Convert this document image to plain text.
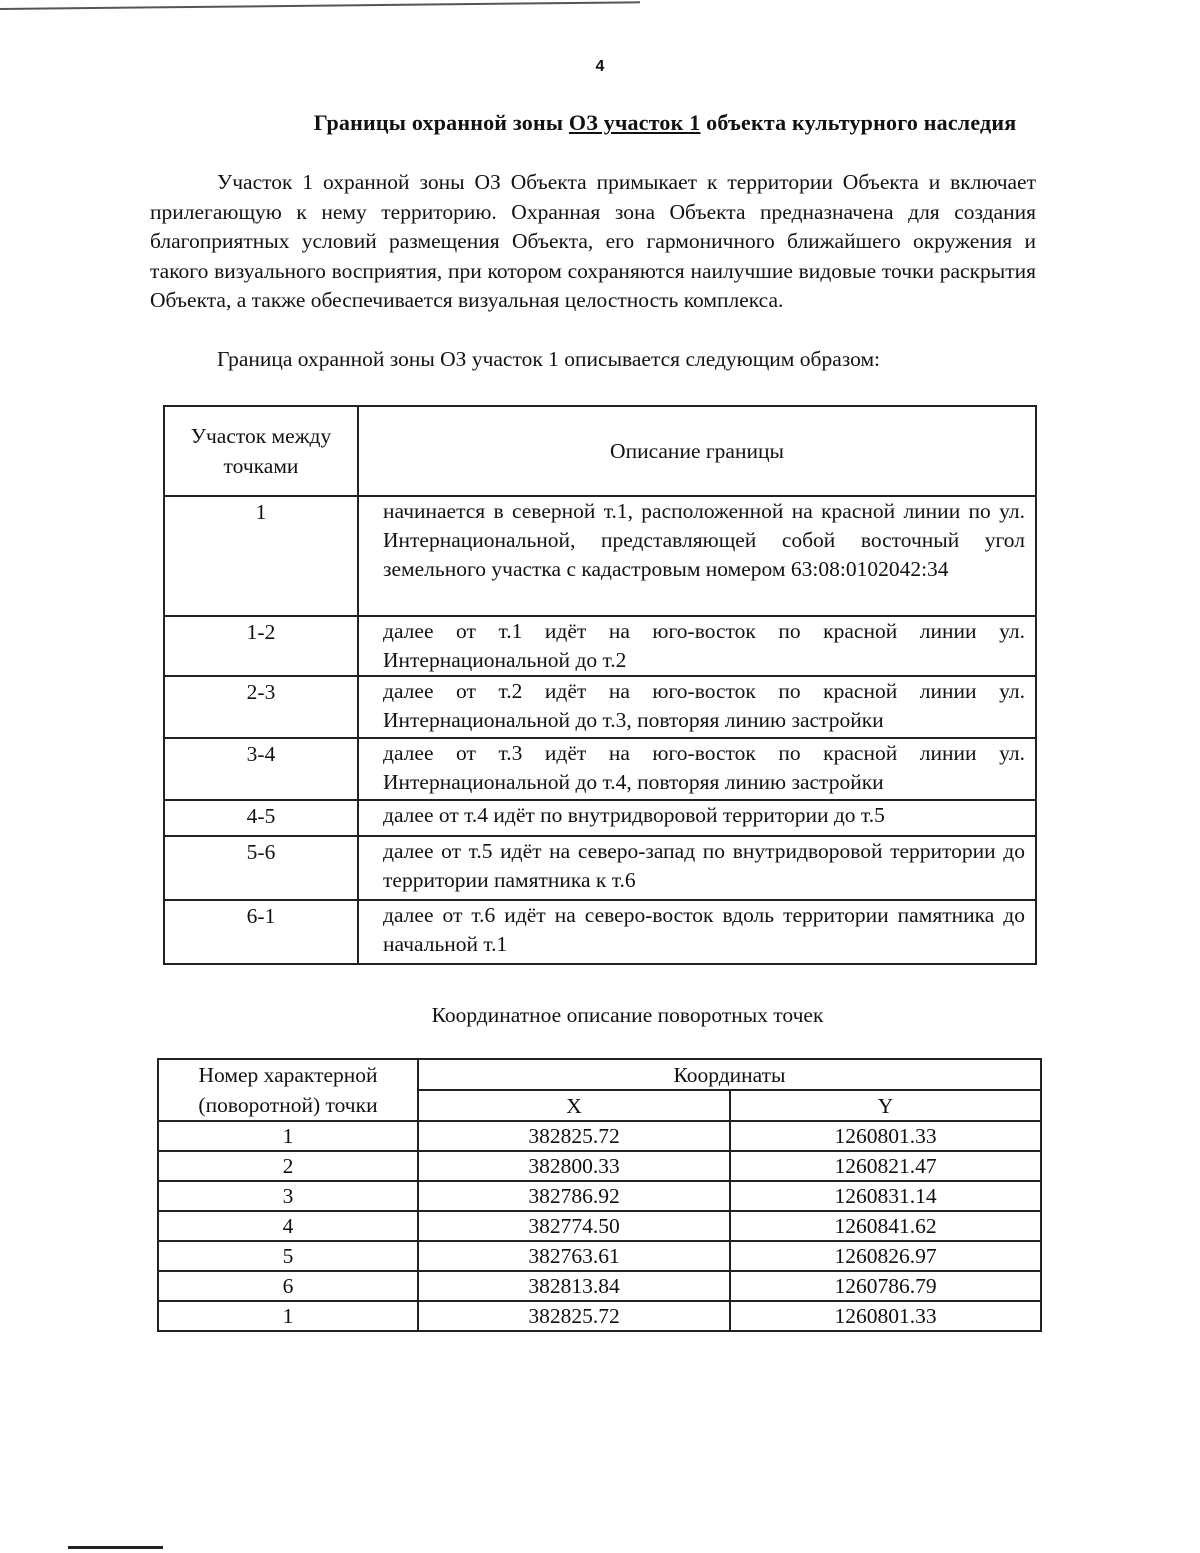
4
Границы охранной зоны ОЗ участок 1 объекта культурного наследия

Участок 1 охранной зоны ОЗ Объекта примыкает к территории Объекта и включает прилегающую к нему территорию. Охранная зона Объекта предназначена для создания благоприятных условий размещения Объекта, его гармоничного ближайшего окружения и такого визуального восприятия, при котором сохраняются наилучшие видовые точки раскрытия Объекта, а также обеспечивается визуальная целостность комплекса.

Граница охранной зоны ОЗ участок 1 описывается следующим образом:

Участок между точками	Описание границы
1	начинается в северной т.1, расположенной на красной линии по ул. Интернациональной, представляющей собой восточный угол земельного участка с кадастровым номером 63:08:0102042:34
1-2	далее от т.1 идёт на юго-восток по красной линии ул. Интернациональной до т.2
2-3	далее от т.2 идёт на юго-восток по красной линии ул. Интернациональной до т.3, повторяя линию застройки
3-4	далее от т.3 идёт на юго-восток по красной линии ул. Интернациональной до т.4, повторяя линию застройки
4-5	далее от т.4 идёт по внутридворовой территории до т.5
5-6	далее от т.5 идёт на северо-запад по внутридворовой территории до территории памятника к т.6
6-1	далее от т.6 идёт на северо-восток вдоль территории памятника до начальной т.1
Координатное описание поворотных точек
Номер характерной (поворотной) точки	Координаты	
	X	Y
1	382825.72	1260801.33
2	382800.33	1260821.47
3	382786.92	1260831.14
4	382774.50	1260841.62
5	382763.61	1260826.97
6	382813.84	1260786.79
1	382825.72	1260801.33
